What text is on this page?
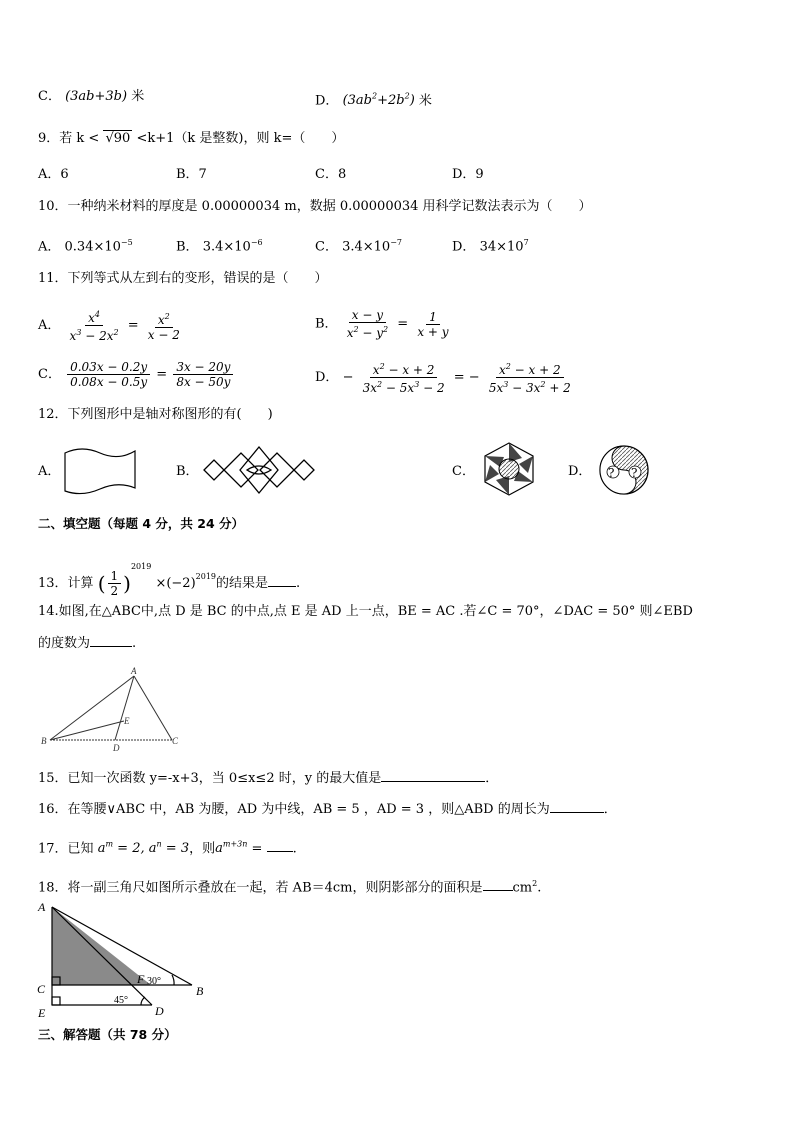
C． (3ab+3b) 米	D． $(3ab^2+2b^2)$ 米
9．若 k < √90 <k+1（k 是整数)，则 k=（　　）
A．6	B．7	C．8	D．9
10．一种纳米材料的厚度是 0.00000034 m，数据 0.00000034 用科学记数法表示为（　　）
A． $0.34\times 10^{-5}$	B． $3.4\times 10^{-6}$	C． $3.4\times 10^{-7}$	D． $34\times 10^7$
11．下列等式从左到右的变形，错误的是（　　）
A． $\frac{x^4}{x^3 - 2x^2} = \frac{x^2}{x - 2}$	B． $\frac{x - y}{x^2 - y^2} = \frac{1}{x + y}$
C． $\frac{0.03x - 0.2y}{0.08x - 0.5y} = \frac{3x - 20y}{8x - 50y}$	D． − $\frac{x^2 - x + 2}{3x^2 - 5x^3 - 2}$ = − $\frac{x^2 - x + 2}{5x^3 - 3x^2 + 2}$
12．下列图形中是轴对称图形的有(　　)
A．	B．	C．	D． ? ?
二、填空题（每题 4 分，共 24 分）
13．计算 ( $\frac{1}{2} )^{2019} \times(-2)^{2019}$的结果是 .
14.如图,在△ABC中,点 D 是 BC 的中点,点 E 是 AD 上一点，BE = AC .若∠C = 70°，∠DAC = 50° 则∠EBD
的度数为	.
A
B	C
D
E
15．已知一次函数 y=-x+3，当 0≤x≤2 时，y 的最大值是	．
16．在等腰∨ABC 中，AB 为腰，AD 为中线，AB = 5 ，AD = 3 ，则△ABD 的周长为	．
17．已知 $a^m = 2$, $a^n = 3$，则$a^{m+3n}$ = .
18．将一副三角尺如图所示叠放在一起，若 AB＝4cm，则阴影部分的面积是 $cm^2$.
A
C
E
F
B
D
30°
45°
三、解答题（共 78 分）
